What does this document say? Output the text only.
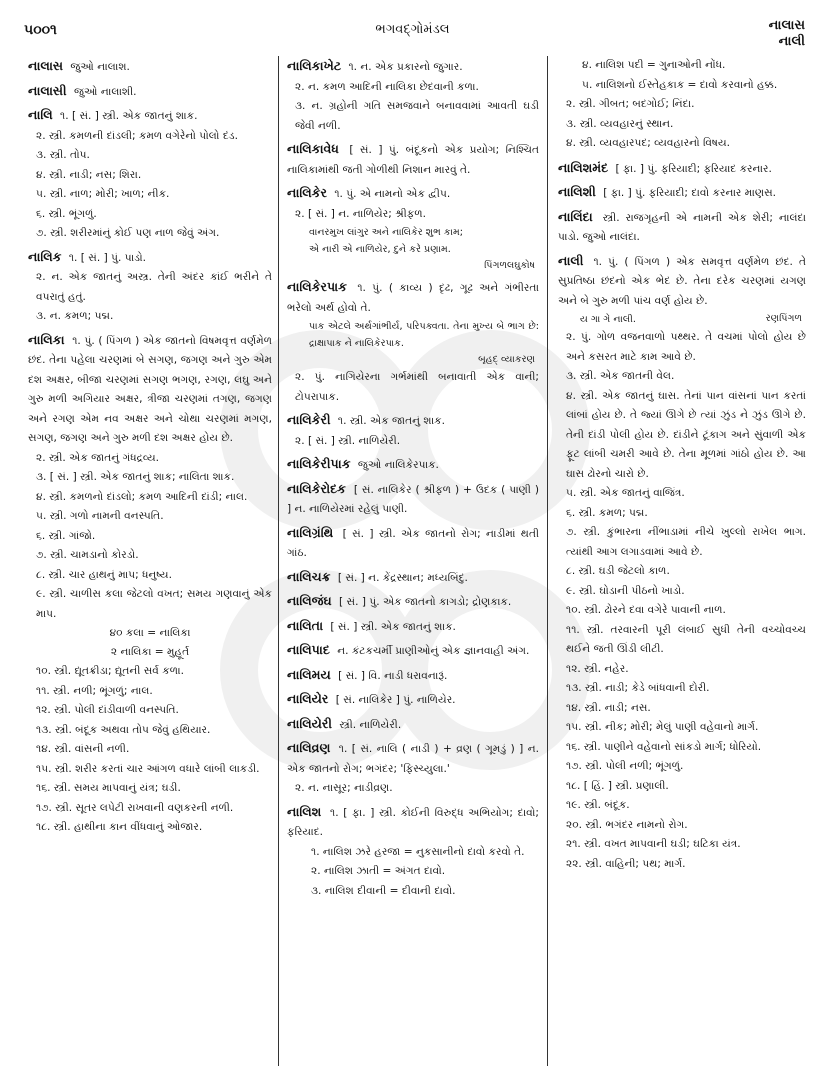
૫૦૦૧	ભગવદ્ગોમંડલ	નાલાસ
નાલી
નાલાસ જુઓ નાલાશ.
નાલાસી જુઓ નાલાશી.
નાલિ ૧. [ સં. ] સ્ત્રી. એક જાતનું શાક.
૨. સ્ત્રી. કમળની દાંડલી; કમળ વગેરેનો પોલો દંડ.
૩. સ્ત્રી. તોપ.
૪. સ્ત્રી. નાડી; નસ; શિરા.
૫. સ્ત્રી. નાળ; મોરી; ખાળ; નીક.
૬. સ્ત્રી. ભૂંગળું.
૭. સ્ત્રી. શરીરમાંનું કોઈ પણ નાળ જેવું અંગ.
નાલિક ૧. [ સં. ] પું. પાડો.
૨. ન. એક જાતનું અસ્ત્ર. તેની અંદર કાંઈ ભરીને તે વપરાતું હતું.
૩. ન. કમળ; પદ્મ.
નાલિકા ૧. પું. ( પિંગળ ) એક જાતનો વિષમવૃત્ત વર્ણમેળ છંદ. તેના પહેલા ચરણમાં બે સગણ, જગણ અને ગુરુ એમ દશ અક્ષર, બીજા ચરણમાં સગણ ભગણ, રગણ, લઘુ અને ગુરુ મળી અગિયાર અક્ષર, ત્રીજા ચરણમાં તગણ, જગણ અને રગણ એમ નવ અક્ષર અને ચોથા ચરણમાં મગણ, સગણ, જગણ અને ગુરુ મળી દશ અક્ષર હોય છે.
૨. સ્ત્રી. એક જાતનું ગંધદ્રવ્ય.
૩. [ સં. ] સ્ત્રી. એક જાતનું શાક; નાલિતા શાક.
૪. સ્ત્રી. કમળનો દાંડલો; કમળ આદિની દાંડી; નાલ.
૫. સ્ત્રી. ગળો નામની વનસ્પતિ.
૬. સ્ત્રી. ગાંજો.
૭. સ્ત્રી. ચામડાનો કોરડો.
૮. સ્ત્રી. ચાર હાથનું માપ; ધનુષ્ય.
૯. સ્ત્રી. ચાળીસ કલા જેટલો વખત; સમય ગણવાનું એક માપ.
૪૦ કલા = નાલિકા
૨ નાલિકા = મુહૂર્ત
૧૦. સ્ત્રી. દ્યૂતક્રીડા; દ્યૂતની સર્વ કળા.
૧૧. સ્ત્રી. નળી; ભૂંગળું; નાલ.
૧૨. સ્ત્રી. પોલી દાંડીવાળી વનસ્પતિ.
૧૩. સ્ત્રી. બંદૂક અથવા તોપ જેવું હથિયાર.
૧૪. સ્ત્રી. વાંસની નળી.
૧૫. સ્ત્રી. શરીર કરતાં ચાર આંગળ વધારે લાંબી લાકડી.
૧૬. સ્ત્રી. સમય માપવાનું યંત્ર; ઘડી.
૧૭. સ્ત્રી. સૂતર લપેટી રાખવાની વણકરની નળી.
૧૮. સ્ત્રી. હાથીના કાન વીંધવાનું ઓજાર.
નાલિકાખેટ ૧. ન. એક પ્રકારનો જુગાર.
૨. ન. કમળ આદિની નાલિકા છેદવાની કળા.
૩. ન. ગ્રહોની ગતિ સમજવાને બનાવવામાં આવતી ઘડી જેવી નળી.
નાલિકાવેધ [ સં. ] પું. બંદૂકનો એક પ્રયોગ; નિશ્ચિત નાલિકામાંથી જતી ગોળીથી નિશાન મારવું તે.
નાલિકેર ૧. પું. એ નામનો એક દ્વીપ.
૨. [ સં. ] ન. નાળિયેર; શ્રીફળ.
વાનરમુખ લાંગુર અને નાલિકેર શુભ કામ;
એ નારી એ નાળિયેર, દુને કરે પ્રણામ.
પિંગળલઘુકોષ
નાલિકેરપાક ૧. પું. ( કાવ્ય ) દૃઢ, ગૂઢ અને ગંભીરતા ભરેલો અર્થ હોવો તે.
પાક એટલે અર્થગાંભીર્ય, પરિપક્વતા. તેના મુખ્ય બે ભાગ છે: દ્રાક્ષાપાક ને નાલિકેરપાક.
બૃહદ્ વ્યાકરણ
૨. પું. નાગિયેરના ગર્ભમાંથી બનાવાતી એક વાની; ટોપરાપાક.
નાલિકેરી ૧. સ્ત્રી. એક જાતનું શાક.
૨. [ સં. ] સ્ત્રી. નાળિયેરી.
નાલિકેરીપાક જુઓ નાલિકેરપાક.
નાલિકેરોદક [ સં. નાલિકેર ( શ્રીફળ ) + ઉદક ( પાણી ) ] ન. નાળિયેરમાં રહેલું પાણી.
નાલિગ્રંથિ [ સં. ] સ્ત્રી. એક જાતનો રોગ; નાડીમાં થતી ગાંઠ.
નાલિચક્ર [ સં. ] ન. કેંદ્રસ્થાન; મધ્યબિંદુ.
નાલિજંઘ [ સં. ] પું. એક જાતનો કાગડો; દ્રોણકાક.
નાલિતા [ સં. ] સ્ત્રી. એક જાતનું શાક.
નાલિપાદ ન. કંટકચર્મી પ્રાણીઓનું એક જ્ઞાનવાહી અંગ.
નાલિમય [ સં. ] વિ. નાડી ધરાવનારૂં.
નાલિયેર [ સં. નાલિકેર ] પું. નાળિયેર.
નાલિયેરી સ્ત્રી. નાળિયેરી.
નાલિવ્રણ ૧. [ સં. નાલિ ( નાડી ) + વ્રણ ( ગૂમડું ) ] ન. એક જાતનો રોગ; ભગંદર; 'ફિસ્ચ્યુલા.'
૨. ન. નાસૂર; નાડીવ્રણ.
નાલિશ ૧. [ ફા. ] સ્ત્રી. કોઈની વિરુદ્ધ અભિયોગ; દાવો; ફરિયાદ.
૧. નાલિશ ઝરે હરજા = નુકસાનીનો દાવો કરવો તે.
૨. નાલિશ ઝાતી = અંગત દાવો.
૩. નાલિશ દીવાની = દીવાની દાવો.
૪. નાલિશ પદી = ગુનાઓની નોંધ.
૫. નાલિશનો ઈસ્તેહકાક = દાવો કરવાનો હક્ક.
૨. સ્ત્રી. ગીબત; બદગોઈ; નિંદા.
૩. સ્ત્રી. વ્યવહારનું સ્થાન.
૪. સ્ત્રી. વ્યવહારપદ; વ્યવહારનો વિષય.
નાલિશમંદ [ ફા. ] પું. ફરિયાદી; ફરિયાદ કરનાર.
નાલિશી [ ફા. ] પું. ફરિયાદી; દાવો કરનાર માણસ.
નાલિંદા સ્ત્રી. રાજગૃહની એ નામની એક શેરી; નાલંદા પાડો. જુઓ નાલંદા.
નાલી ૧. પું. ( પિંગળ ) એક સમવૃત્ત વર્ણમેળ છંદ. તે સુપ્રતિષ્ઠા છંદનો એક ભેદ છે. તેના દરેક ચરણમાં યગણ અને બે ગુરુ મળી પાંચ વર્ણ હોય છે.
ય ગા ગે નાલી.	રણપિંગળ
૨. પું. ગોળ વજનવાળો પથ્થર. તે વચમાં પોલો હોય છે અને કસરત માટે કામ આવે છે.
૩. સ્ત્રી. એક જાતની વેલ.
૪. સ્ત્રી. એક જાતનું ઘાસ. તેનાં પાન વાંસનાં પાન કરતાં લાંબાં હોય છે. તે જ્યાં ઊગે છે ત્યાં ઝુંડ ને ઝુંડ ઊગે છે. તેની દાંડી પોલી હોય છે. દાંડીને ટૂંકાગ અને સુંવાળી એક ફૂટ લાંબી ચમરી આવે છે. તેના મૂળમાં ગાંઠો હોય છે. આ ઘાસ ઢોરનો ચારો છે.
૫. સ્ત્રી. એક જાતનું વાજિંત્ર.
૬. સ્ત્રી. કમળ; પદ્મ.
૭. સ્ત્રી. કુંભારના નીંભાડામાં નીચે ખુલ્લો રાખેલ ભાગ. ત્યાંથી આગ લગાડવામાં આવે છે.
૮. સ્ત્રી. ઘડી જેટલો કાળ.
૯. સ્ત્રી. ઘોડાની પીઠનો ખાડો.
૧૦. સ્ત્રી. ઢોરને દવા વગેરે પાવાની નાળ.
૧૧. સ્ત્રી. તરવારની પૂરી લંબાઈ સુધી તેની વચ્ચોવચ્ચ થઈને જતી ઊંડી લીટી.
૧૨. સ્ત્રી. નહેર.
૧૩. સ્ત્રી. નાડી; કેડે બાંધવાની દોરી.
૧૪. સ્ત્રી. નાડી; નસ.
૧૫. સ્ત્રી. નીક; મોરી; મેલું પાણી વહેવાનો માર્ગ.
૧૬. સ્ત્રી. પાણીને વહેવાનો સાંકડો માર્ગ; ધોરિયો.
૧૭. સ્ત્રી. પોલી નળી; ભૂંગળું.
૧૮. [ હિં. ] સ્ત્રી. પ્રણાલી.
૧૯. સ્ત્રી. બંદૂક.
૨૦. સ્ત્રી. ભગંદર નામનો રોગ.
૨૧. સ્ત્રી. વખત માપવાની ઘડી; ઘટિકા યંત્ર.
૨૨. સ્ત્રી. વાહિની; પથ; માર્ગ.
